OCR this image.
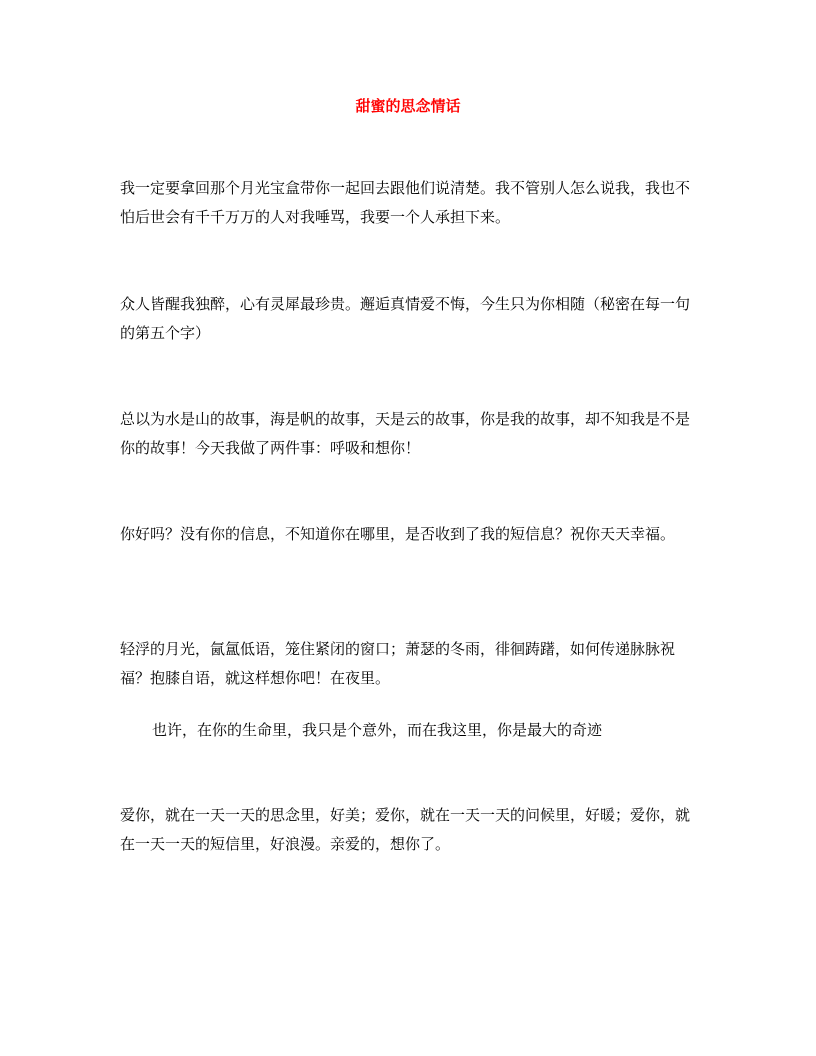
甜蜜的思念情话

我一定要拿回那个月光宝盒带你一起回去跟他们说清楚。我不管别人怎么说我，我也不怕后世会有千千万万的人对我唾骂，我要一个人承担下来。

众人皆醒我独醉，心有灵犀最珍贵。邂逅真情爱不悔，今生只为你相随（秘密在每一句的第五个字）

总以为水是山的故事，海是帆的故事，天是云的故事，你是我的故事，却不知我是不是你的故事！今天我做了两件事：呼吸和想你！

你好吗？没有你的信息，不知道你在哪里，是否收到了我的短信息？祝你天天幸福。

轻浮的月光，氤氲低语，笼住紧闭的窗口；萧瑟的冬雨，徘徊踌躇，如何传递脉脉祝福？抱膝自语，就这样想你吧！在夜里。

也许，在你的生命里，我只是个意外，而在我这里，你是最大的奇迹

爱你，就在一天一天的思念里，好美；爱你，就在一天一天的问候里，好暖；爱你，就在一天一天的短信里，好浪漫。亲爱的，想你了。
